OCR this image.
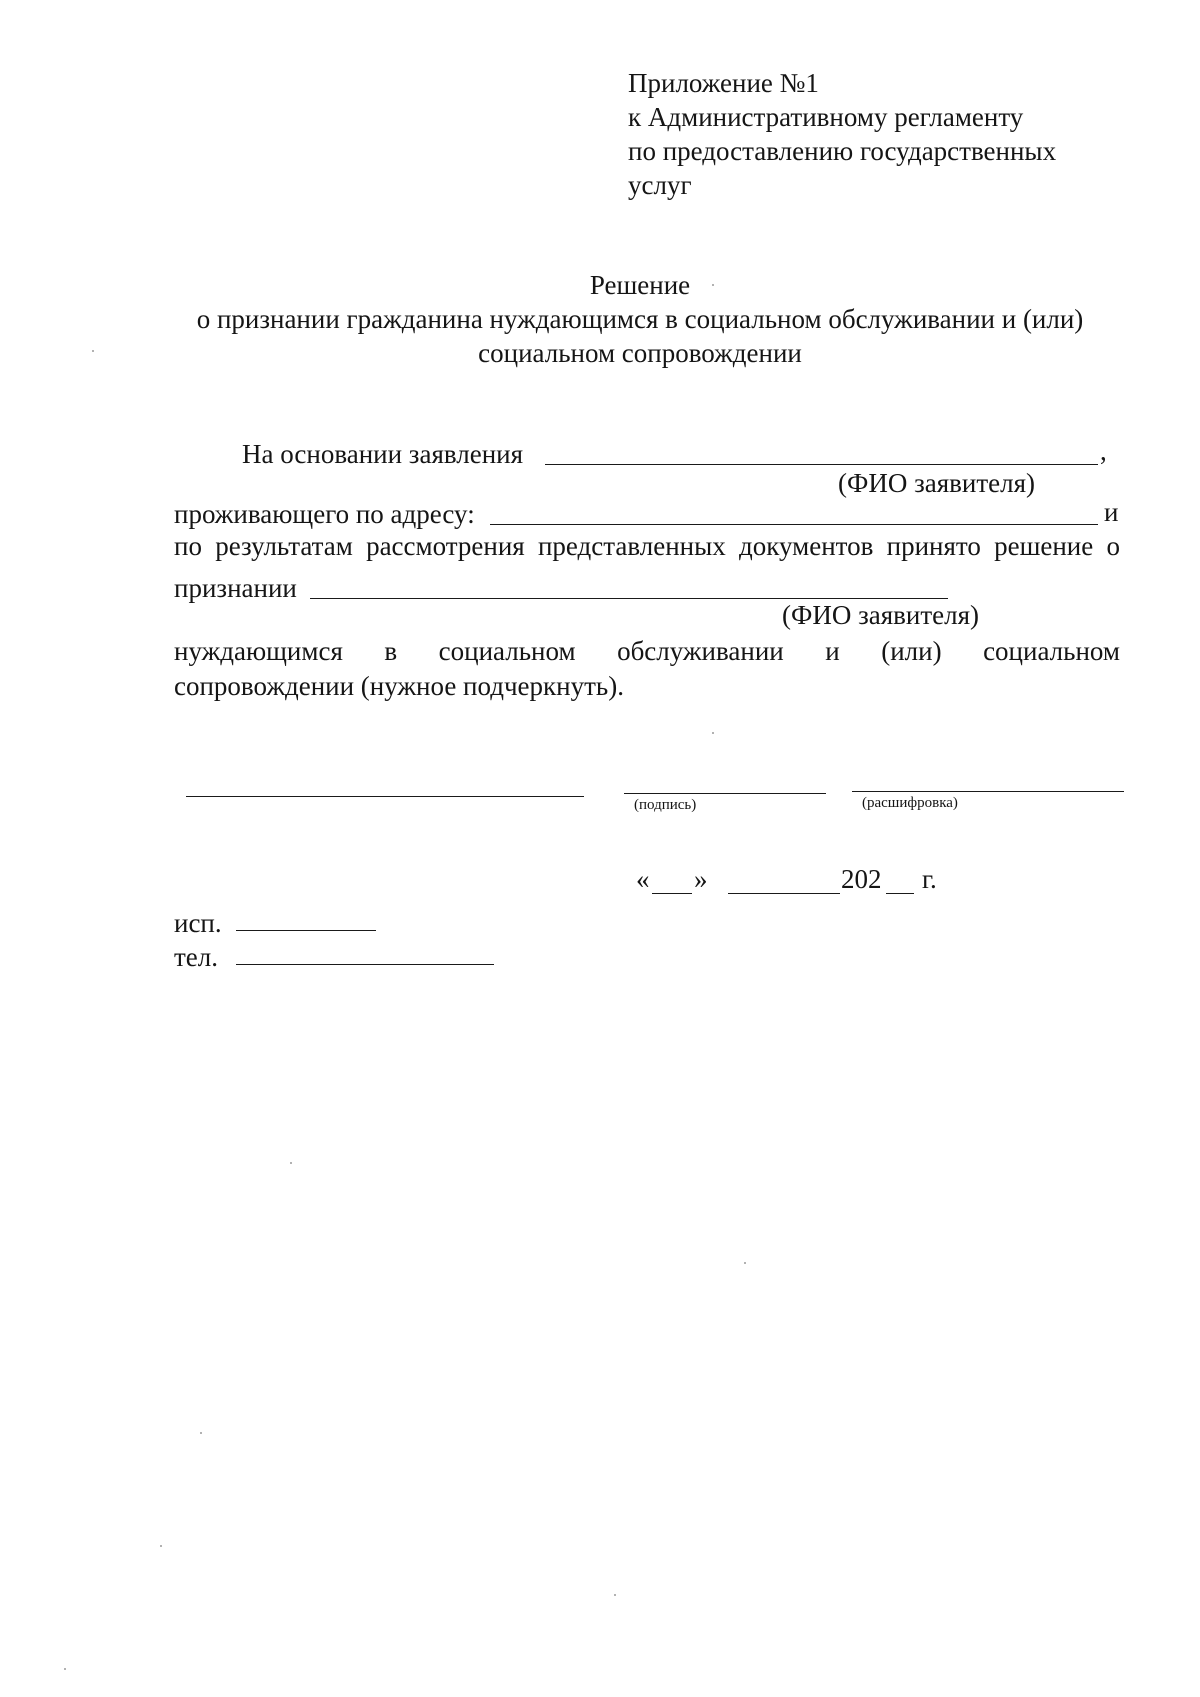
Приложение №1
к Административному регламенту
по предоставлению государственных
услуг
Решение
о признании гражданина нуждающимся в социальном обслуживании и (или)
социальном сопровождении
На основании заявления	,
(ФИО заявителя)
проживающего по адресу:	и
по результатам рассмотрения представленных документов принято решение о
признании
(ФИО заявителя)
нуждающимся в социальном обслуживании и (или) социальном
сопровождении (нужное подчеркнуть).
(подпись)	(расшифровка)
« »	202 г.
исп.
тел.
